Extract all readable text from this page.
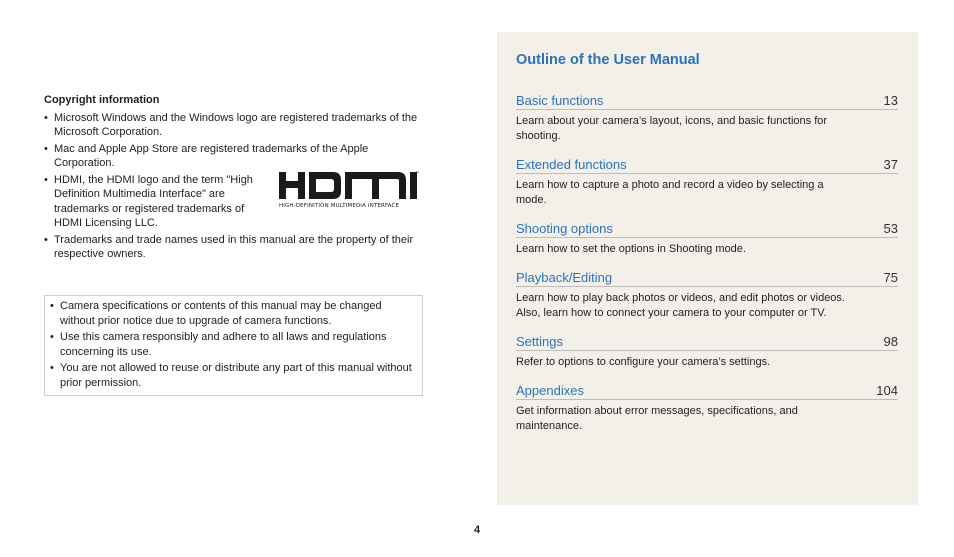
Copyright information
• Microsoft Windows and the Windows logo are registered trademarks of the Microsoft Corporation.
• Mac and Apple App Store are registered trademarks of the Apple Corporation.
• HDMI, the HDMI logo and the term "High Definition Multimedia Interface" are trademarks or registered trademarks of HDMI Licensing LLC.
™
HIGH-DEFINITION MULTIMEDIA INTERFACE
• Trademarks and trade names used in this manual are the property of their respective owners.
• Camera specifications or contents of this manual may be changed without prior notice due to upgrade of camera functions.
• Use this camera responsibly and adhere to all laws and regulations concerning its use.
• You are not allowed to reuse or distribute any part of this manual without prior permission.
Outline of the User Manual
Basic functions	13
Learn about your camera’s layout, icons, and basic functions for shooting.
Extended functions	37
Learn how to capture a photo and record a video by selecting a mode.
Shooting options	53
Learn how to set the options in Shooting mode.
Playback/Editing	75
Learn how to play back photos or videos, and edit photos or videos. Also, learn how to connect your camera to your computer or TV.
Settings	98
Refer to options to configure your camera’s settings.
Appendixes	104
Get information about error messages, specifications, and maintenance.
4
